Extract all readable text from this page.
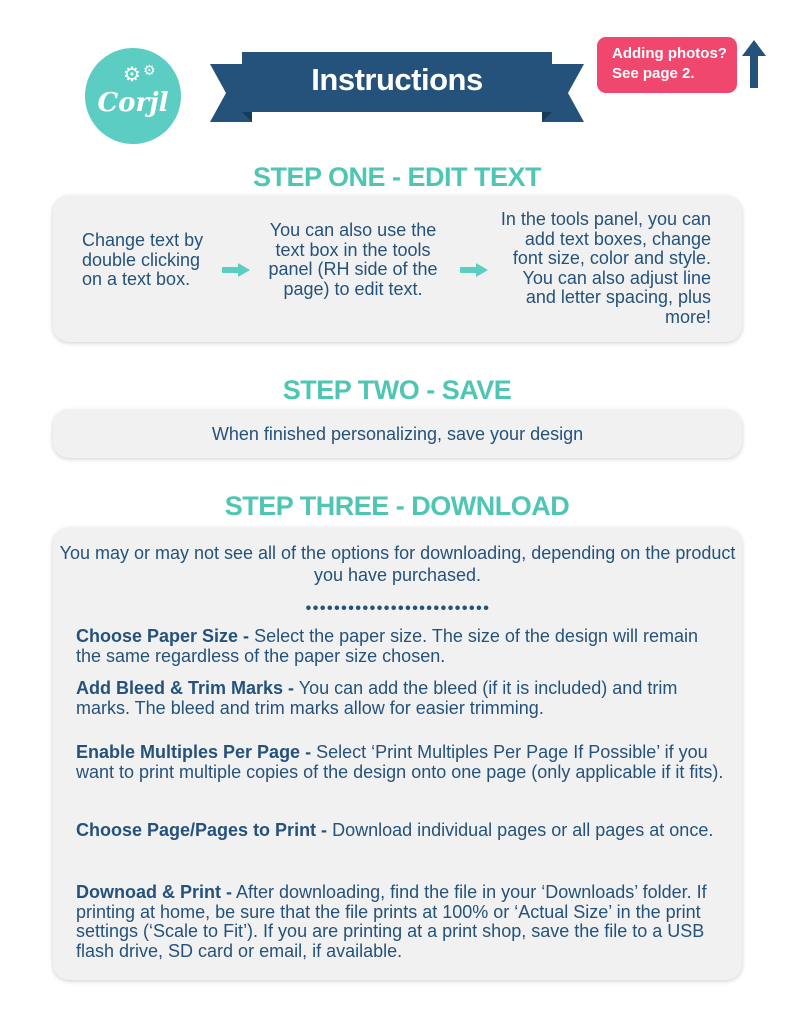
⚙ ⚙
Corjl
Instructions
Adding photos?
See page 2.
STEP ONE - EDIT TEXT
Change text by double clicking on a text box.
You can also use the text box in the tools panel (RH side of the page) to edit text.
In the tools panel, you can add text boxes, change font size, color and style. You can also adjust line and letter spacing, plus more!
STEP TWO - SAVE
When finished personalizing, save your design
STEP THREE - DOWNLOAD
You may or may not see all of the options for downloading, depending on the product you have purchased.
••••••••••••••••••••••••••
Choose Paper Size - Select the paper size. The size of the design will remain the same regardless of the paper size chosen.
Add Bleed & Trim Marks - You can add the bleed (if it is included) and trim marks. The bleed and trim marks allow for easier trimming.
Enable Multiples Per Page - Select ‘Print Multiples Per Page If Possible’ if you want to print multiple copies of the design onto one page (only applicable if it fits).
Choose Page/Pages to Print - Download individual pages or all pages at once.
Downoad & Print - After downloading, find the file in your ‘Downloads’ folder. If printing at home, be sure that the file prints at 100% or ‘Actual Size’ in the print settings (‘Scale to Fit’). If you are printing at a print shop, save the file to a USB flash drive, SD card or email, if available.
